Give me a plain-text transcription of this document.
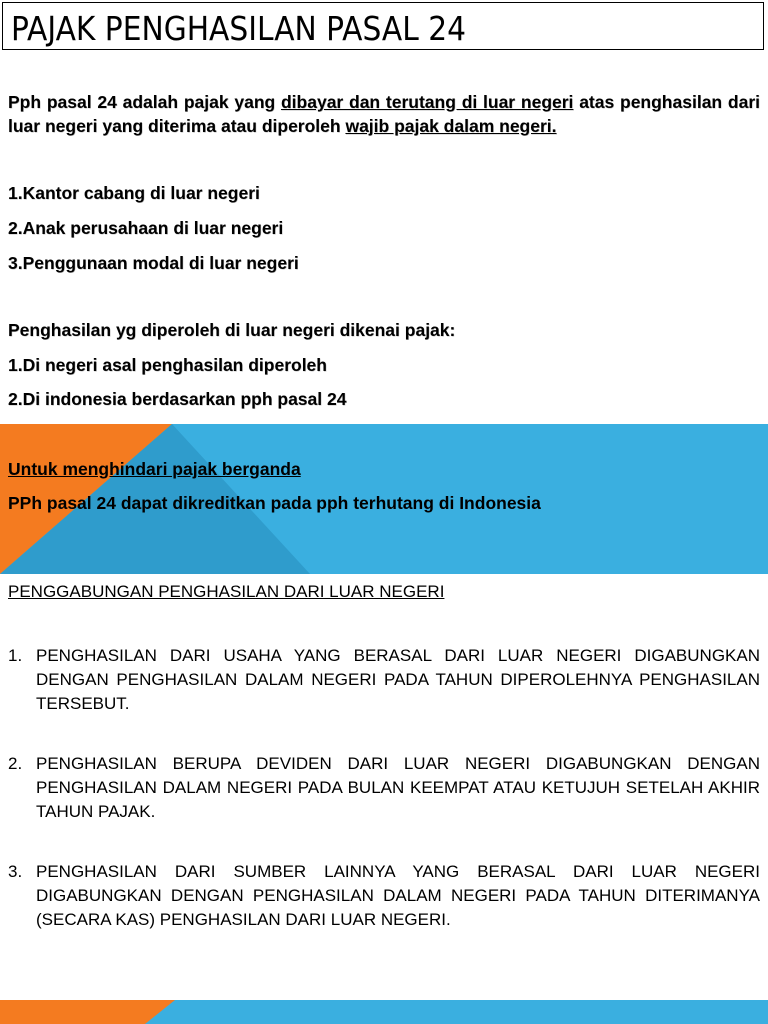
PAJAK PENGHASILAN PASAL 24
Pph pasal 24 adalah pajak yang dibayar dan terutang di luar negeri atas penghasilan dari luar negeri yang diterima atau diperoleh wajib pajak dalam negeri.
1.Kantor cabang di luar negeri
2.Anak perusahaan di luar negeri
3.Penggunaan modal di luar negeri
Penghasilan yg diperoleh di luar negeri dikenai pajak:
1.Di negeri asal penghasilan diperoleh
2.Di indonesia berdasarkan pph pasal 24
Untuk menghindari pajak berganda
PPh pasal 24 dapat dikreditkan pada pph terhutang di Indonesia
PENGGABUNGAN PENGHASILAN DARI LUAR NEGERI
1. PENGHASILAN DARI USAHA YANG BERASAL DARI LUAR NEGERI DIGABUNGKAN DENGAN PENGHASILAN DALAM NEGERI PADA TAHUN DIPEROLEHNYA PENGHASILAN TERSEBUT.
2. PENGHASILAN BERUPA DEVIDEN DARI LUAR NEGERI DIGABUNGKAN DENGAN PENGHASILAN DALAM NEGERI PADA BULAN KEEMPAT ATAU KETUJUH SETELAH AKHIR TAHUN PAJAK.
3. PENGHASILAN DARI SUMBER LAINNYA YANG BERASAL DARI LUAR NEGERI DIGABUNGKAN DENGAN PENGHASILAN DALAM NEGERI PADA TAHUN DITERIMANYA (SECARA KAS) PENGHASILAN DARI LUAR NEGERI.
